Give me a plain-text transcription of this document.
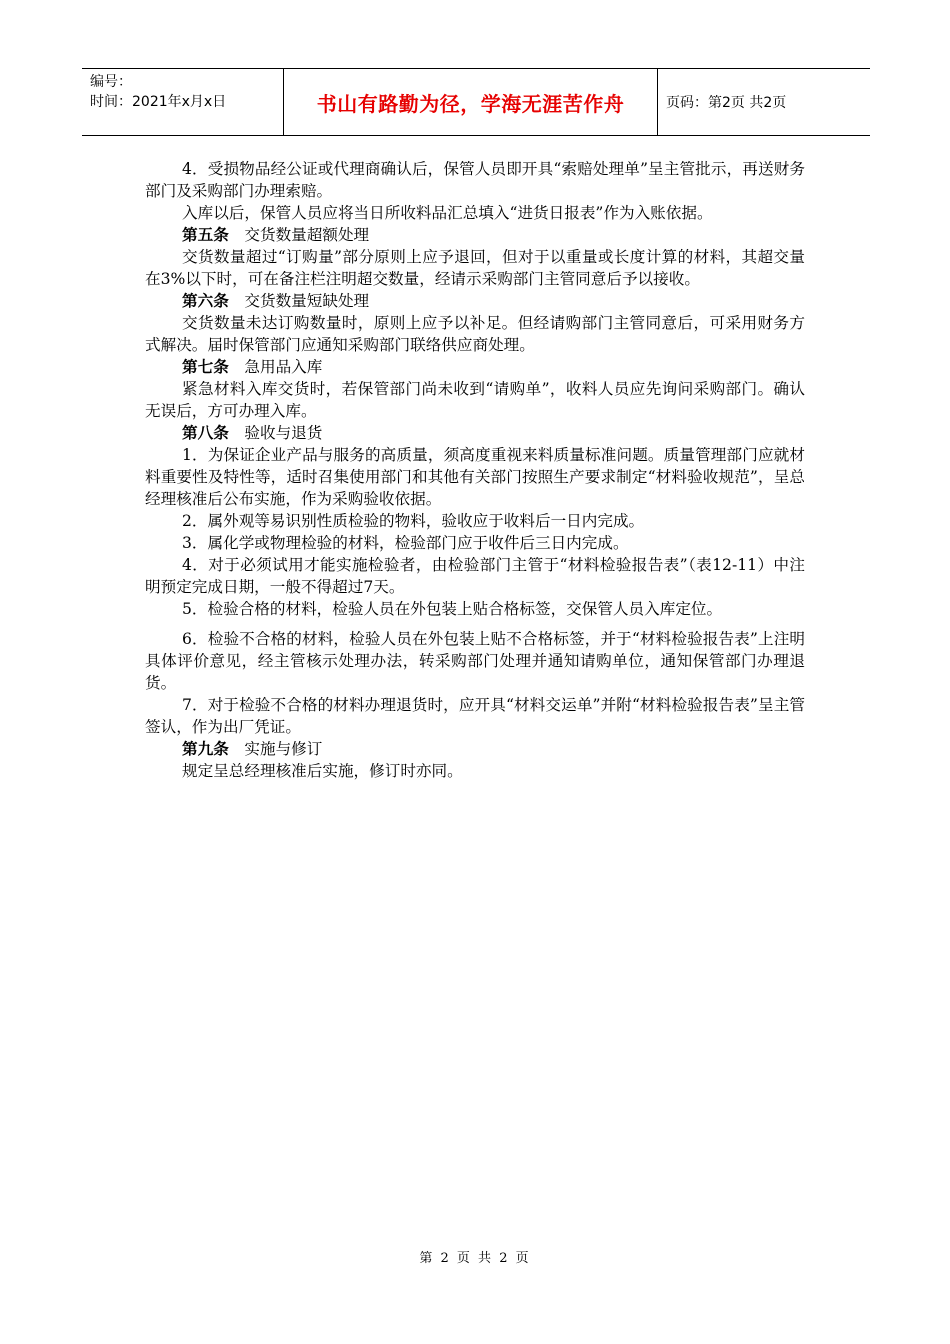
编号：
时间：2021年x月x日	书山有路勤为径，学海无涯苦作舟	页码：第2页 共2页

4．受损物品经公证或代理商确认后，保管人员即开具“索赔处理单”呈主管批示，再送财务部门及采购部门办理索赔。

入库以后，保管人员应将当日所收料品汇总填入“进货日报表”作为入账依据。

第五条　交货数量超额处理

交货数量超过“订购量”部分原则上应予退回，但对于以重量或长度计算的材料，其超交量在3%以下时，可在备注栏注明超交数量，经请示采购部门主管同意后予以接收。

第六条　交货数量短缺处理

交货数量未达订购数量时，原则上应予以补足。但经请购部门主管同意后，可采用财务方式解决。届时保管部门应通知采购部门联络供应商处理。

第七条　急用品入库

紧急材料入库交货时，若保管部门尚未收到“请购单”，收料人员应先询问采购部门。确认无误后，方可办理入库。

第八条　验收与退货

1．为保证企业产品与服务的高质量，须高度重视来料质量标准问题。质量管理部门应就材料重要性及特性等，适时召集使用部门和其他有关部门按照生产要求制定“材料验收规范”，呈总经理核准后公布实施，作为采购验收依据。

2．属外观等易识别性质检验的物料，验收应于收料后一日内完成。

3．属化学或物理检验的材料，检验部门应于收件后三日内完成。

4．对于必须试用才能实施检验者，由检验部门主管于“材料检验报告表”（表12-11）中注明预定完成日期，一般不得超过7天。

5．检验合格的材料，检验人员在外包装上贴合格标签，交保管人员入库定位。

6．检验不合格的材料，检验人员在外包装上贴不合格标签，并于“材料检验报告表”上注明具体评价意见，经主管核示处理办法，转采购部门处理并通知请购单位，通知保管部门办理退货。

7．对于检验不合格的材料办理退货时，应开具“材料交运单”并附“材料检验报告表”呈主管签认，作为出厂凭证。

第九条　实施与修订

规定呈总经理核准后实施，修订时亦同。

第 2 页 共 2 页
